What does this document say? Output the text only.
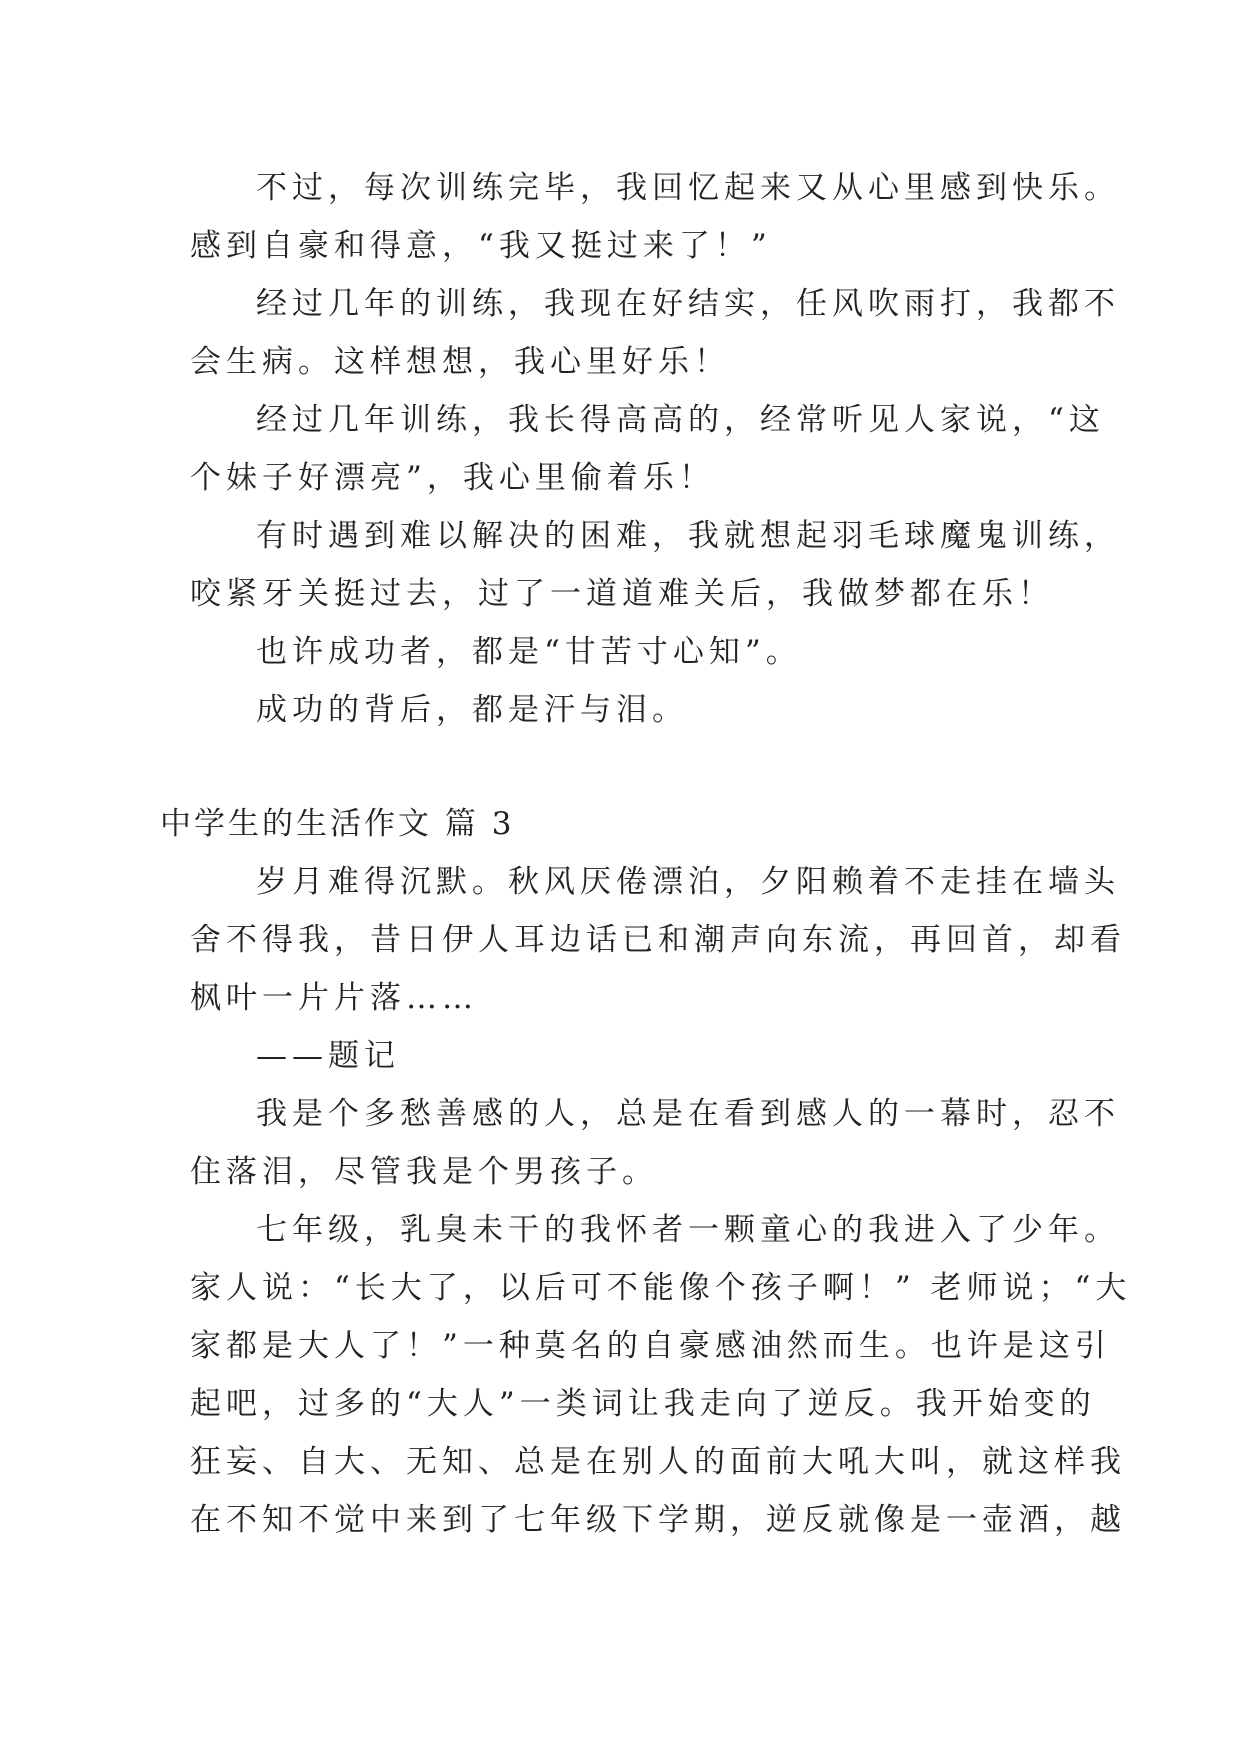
不过，每次训练完毕，我回忆起来又从心里感到快乐。
感到自豪和得意，“我又挺过来了！”
经过几年的训练，我现在好结实，任风吹雨打，我都不
会生病。这样想想，我心里好乐！
经过几年训练，我长得高高的，经常听见人家说，“这
个妹子好漂亮”，我心里偷着乐！
有时遇到难以解决的困难，我就想起羽毛球魔鬼训练，
咬紧牙关挺过去，过了一道道难关后，我做梦都在乐！
也许成功者，都是“甘苦寸心知”。
成功的背后，都是汗与泪。
中学生的生活作文 篇 3
岁月难得沉默。秋风厌倦漂泊，夕阳赖着不走挂在墙头
舍不得我，昔日伊人耳边话已和潮声向东流，再回首，却看
枫叶一片片落……
——题记
我是个多愁善感的人，总是在看到感人的一幕时，忍不
住落泪，尽管我是个男孩子。
七年级，乳臭未干的我怀者一颗童心的我进入了少年。
家人说：“长大了，以后可不能像个孩子啊！” 老师说；“大
家都是大人了！”一种莫名的自豪感油然而生。也许是这引
起吧，过多的“大人”一类词让我走向了逆反。我开始变的
狂妄、自大、无知、总是在别人的面前大吼大叫，就这样我
在不知不觉中来到了七年级下学期，逆反就像是一壶酒，越
